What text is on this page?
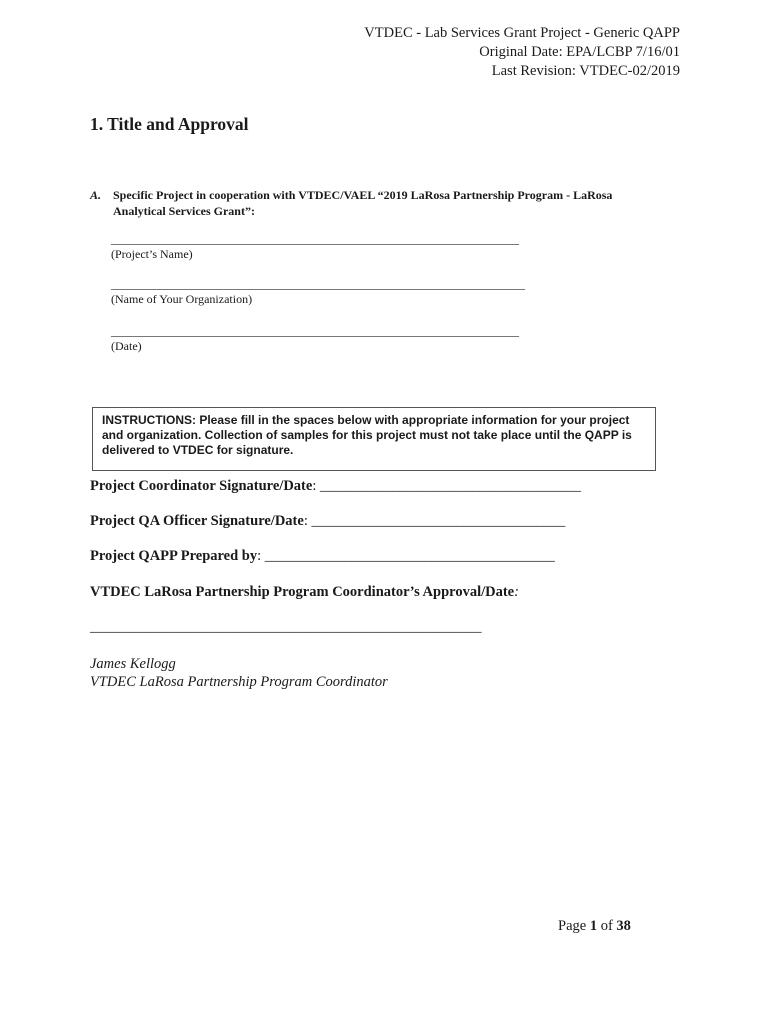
VTDEC - Lab Services Grant Project - Generic QAPP
Original Date: EPA/LCBP 7/16/01
Last Revision: VTDEC-02/2019
1. Title and Approval
A. Specific Project in cooperation with VTDEC/VAEL “2019 LaRosa Partnership Program - LaRosa Analytical Services Grant”:
____________________________________________________________________
(Project’s Name)
_____________________________________________________________________
(Name of Your Organization)
____________________________________________________________________
(Date)
INSTRUCTIONS: Please fill in the spaces below with appropriate information for your project and organization. Collection of samples for this project must not take place until the QAPP is delivered to VTDEC for signature.
Project Coordinator Signature/Date: ____________________________________
Project QA Officer Signature/Date: ___________________________________
Project QAPP Prepared by: ________________________________________
VTDEC LaRosa Partnership Program Coordinator’s Approval/Date:
______________________________________________________
James Kellogg
VTDEC LaRosa Partnership Program Coordinator
Page 1 of 38
